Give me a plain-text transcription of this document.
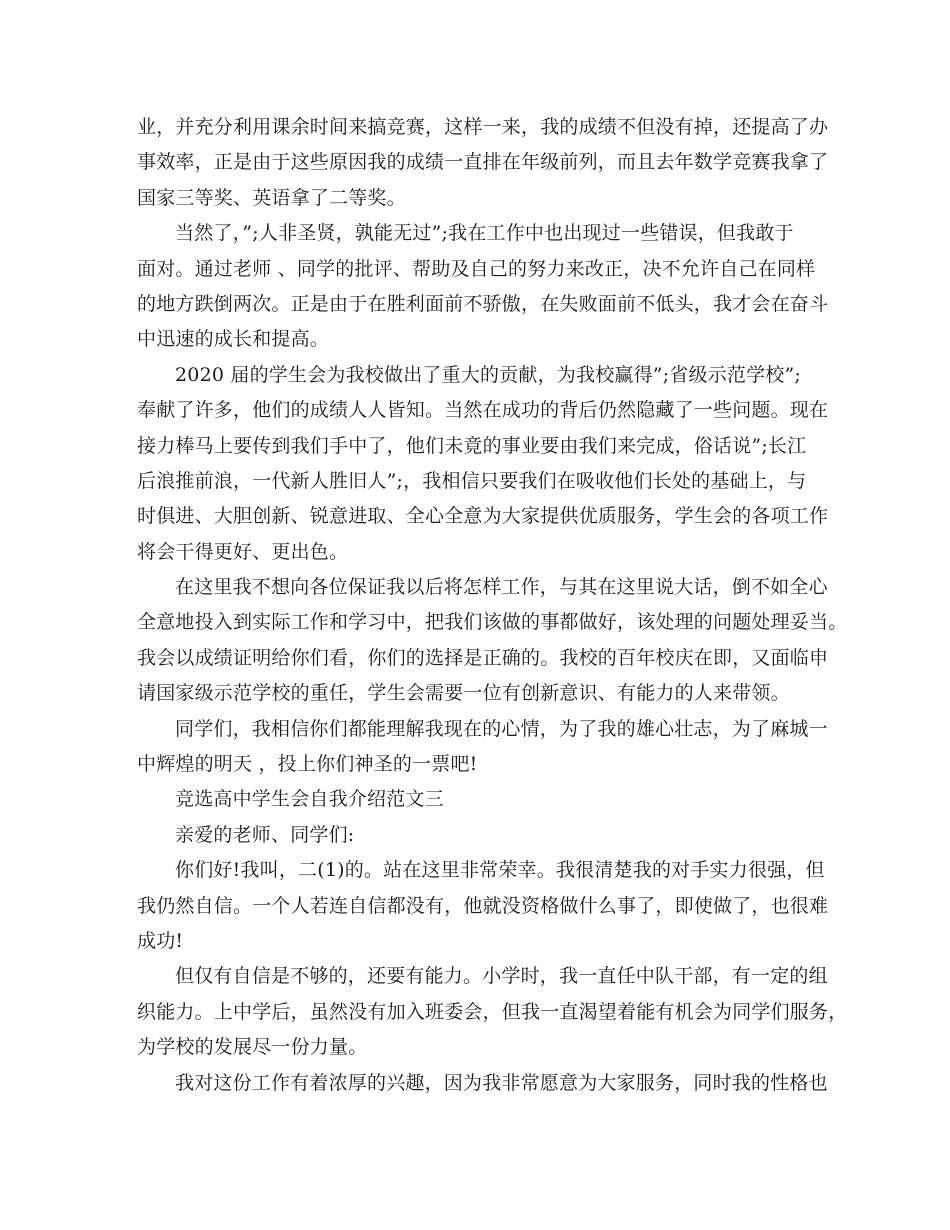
业，并充分利用课余时间来搞竞赛，这样一来，我的成绩不但没有掉，还提高了办
事效率，正是由于这些原因我的成绩一直排在年级前列，而且去年数学竞赛我拿了
国家三等奖、英语拿了二等奖。
当然了，”;人非圣贤，孰能无过”;我在工作中也出现过一些错误，但我敢于
面对。通过老师 、同学的批评、帮助及自己的努力来改正，决不允许自己在同样
的地方跌倒两次。正是由于在胜利面前不骄傲，在失败面前不低头，我才会在奋斗
中迅速的成长和提高。
2020 届的学生会为我校做出了重大的贡献，为我校赢得”;省级示范学校”;
奉献了许多，他们的成绩人人皆知。当然在成功的背后仍然隐藏了一些问题。现在
接力棒马上要传到我们手中了，他们未竟的事业要由我们来完成，俗话说”;长江
后浪推前浪，一代新人胜旧人”;，我相信只要我们在吸收他们长处的基础上，与
时俱进、大胆创新、锐意进取、全心全意为大家提供优质服务，学生会的各项工作
将会干得更好、更出色。
在这里我不想向各位保证我以后将怎样工作，与其在这里说大话，倒不如全心
全意地投入到实际工作和学习中，把我们该做的事都做好，该处理的问题处理妥当。
我会以成绩证明给你们看，你们的选择是正确的。我校的百年校庆在即，又面临申
请国家级示范学校的重任，学生会需要一位有创新意识、有能力的人来带领。
同学们，我相信你们都能理解我现在的心情，为了我的雄心壮志，为了麻城一
中辉煌的明天 ，投上你们神圣的一票吧!
竞选高中学生会自我介绍范文三
亲爱的老师、同学们:
你们好!我叫，二(1)的。站在这里非常荣幸。我很清楚我的对手实力很强，但
我仍然自信。一个人若连自信都没有，他就没资格做什么事了，即使做了，也很难
成功!
但仅有自信是不够的，还要有能力。小学时，我一直任中队干部，有一定的组
织能力。上中学后，虽然没有加入班委会，但我一直渴望着能有机会为同学们服务，
为学校的发展尽一份力量。
我对这份工作有着浓厚的兴趣，因为我非常愿意为大家服务，同时我的性格也
